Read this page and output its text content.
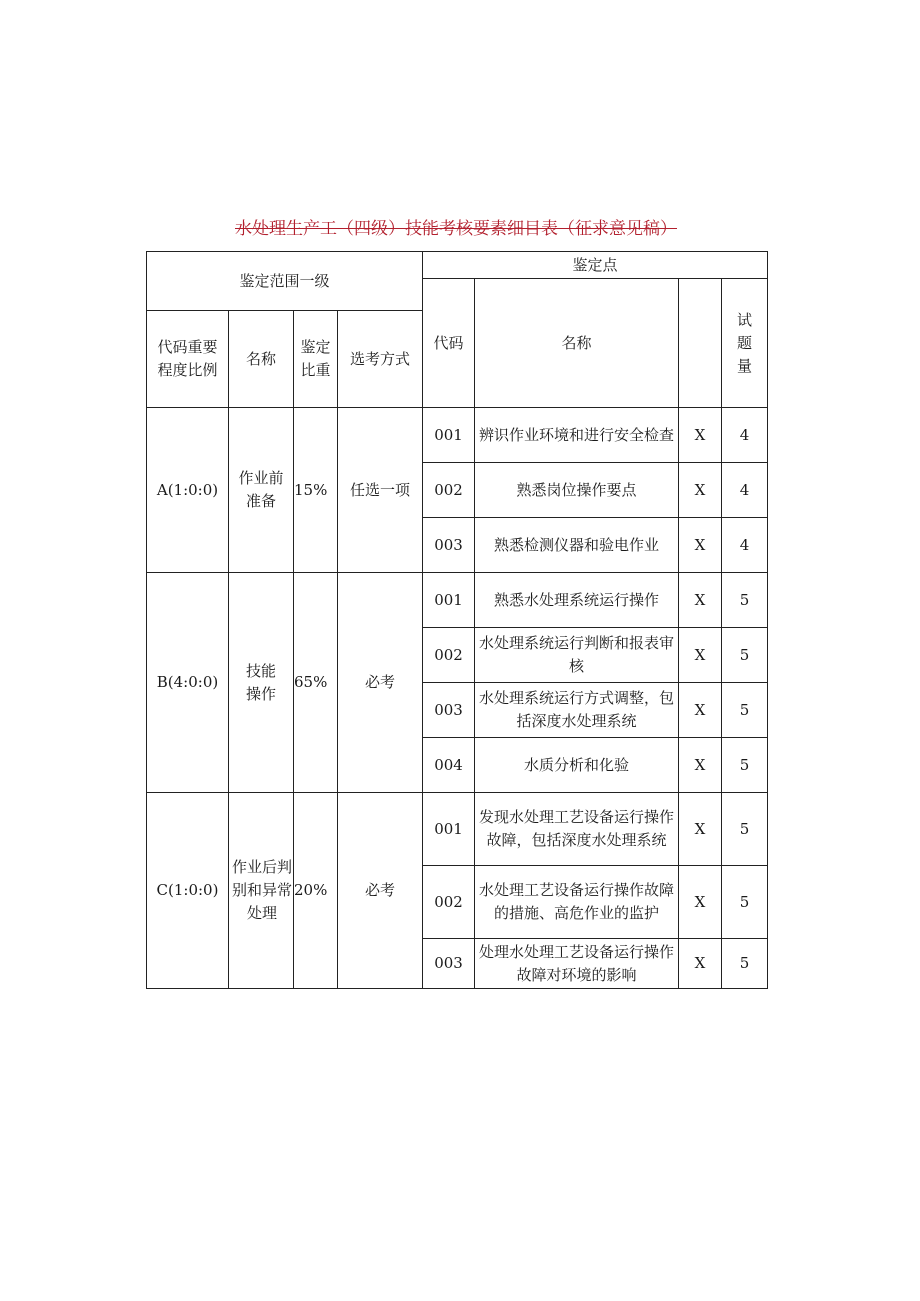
水处理生产工（四级）技能考核要素细目表（征求意见稿）
鉴定范围一级				鉴定点			
				代码	名称		试题量
代码重要程度比例	名称	鉴定比重	选考方式				
A(1:0:0)	作业前准备	15%	任选一项	001	辨识作业环境和进行安全检查	X	4
				002	熟悉岗位操作要点	X	4
				003	熟悉检测仪器和验电作业	X	4
B(4:0:0)	技能操作	65%	必考	001	熟悉水处理系统运行操作	X	5
				002	水处理系统运行判断和报表审核	X	5
				003	水处理系统运行方式调整，包括深度水处理系统	X	5
				004	水质分析和化验	X	5
C(1:0:0)	作业后判别和异常处理	20%	必考	001	发现水处理工艺设备运行操作故障，包括深度水处理系统	X	5
				002	水处理工艺设备运行操作故障的措施、高危作业的监护	X	5
				003	处理水处理工艺设备运行操作故障对环境的影响	X	5
